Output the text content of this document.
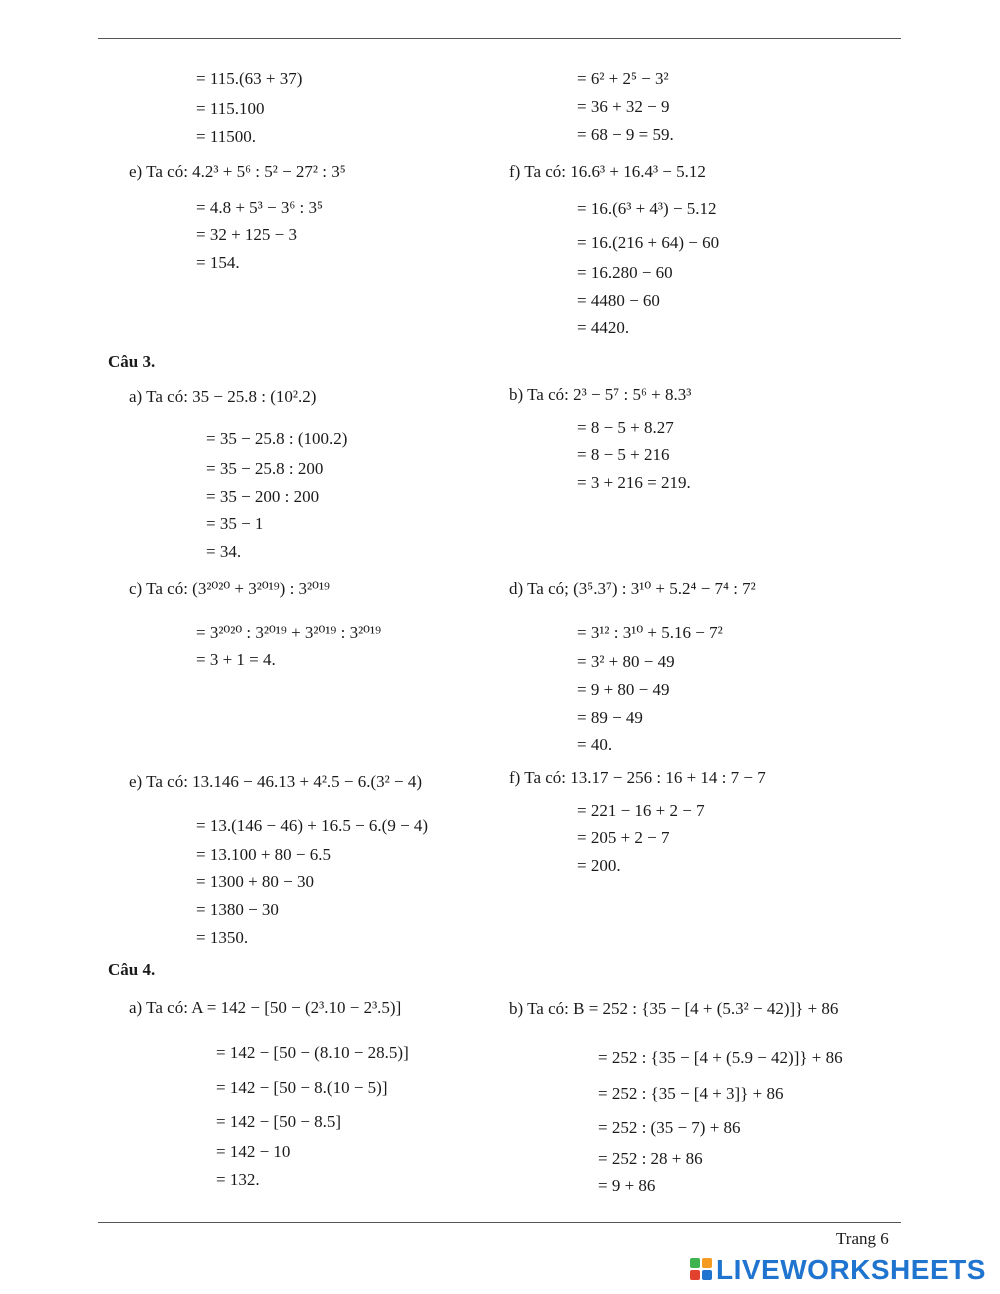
Câu 3.
Câu 4.
= 115.(63 + 37)
= 115.100
= 11500.
= 6² + 2⁵ − 3²
= 36 + 32 − 9
= 68 − 9 = 59.
e) Ta có: 4.2³ + 5⁶ : 5² − 27² : 3⁵
= 4.8 + 5³ − 3⁶ : 3⁵
= 32 + 125 − 3
= 154.
f) Ta có: 16.6³ + 16.4³ − 5.12
= 16.(6³ + 4³) − 5.12
= 16.(216 + 64) − 60
= 16.280 − 60
= 4480 − 60
= 4420.
a) Ta có: 35 − 25.8 : (10².2)
= 35 − 25.8 : (100.2)
= 35 − 25.8 : 200
= 35 − 200 : 200
= 35 − 1
= 34.
b) Ta có: 2³ − 5⁷ : 5⁶ + 8.3³
= 8 − 5 + 8.27
= 8 − 5 + 216
= 3 + 216 = 219.
c) Ta có: (3²⁰²⁰ + 3²⁰¹⁹) : 3²⁰¹⁹
= 3²⁰²⁰ : 3²⁰¹⁹ + 3²⁰¹⁹ : 3²⁰¹⁹
= 3 + 1 = 4.
d) Ta có; (3⁵.3⁷) : 3¹⁰ + 5.2⁴ − 7⁴ : 7²
= 3¹² : 3¹⁰ + 5.16 − 7²
= 3² + 80 − 49
= 9 + 80 − 49
= 89 − 49
= 40.
e) Ta có: 13.146 − 46.13 + 4².5 − 6.(3² − 4)
= 13.(146 − 46) + 16.5 − 6.(9 − 4)
= 13.100 + 80 − 6.5
= 1300 + 80 − 30
= 1380 − 30
= 1350.
f) Ta có: 13.17 − 256 : 16 + 14 : 7 − 7
= 221 − 16 + 2 − 7
= 205 + 2 − 7
= 200.
a) Ta có: A = 142 − [50 − (2³.10 − 2³.5)]
= 142 − [50 − (8.10 − 28.5)]
= 142 − [50 − 8.(10 − 5)]
= 142 − [50 − 8.5]
= 142 − 10
= 132.
b) Ta có: B = 252 : {35 − [4 + (5.3² − 42)]} + 86
= 252 : {35 − [4 + (5.9 − 42)]} + 86
= 252 : {35 − [4 + 3]} + 86
= 252 : (35 − 7) + 86
= 252 : 28 + 86
= 9 + 86
Trang 6
LIVEWORKSHEETS
